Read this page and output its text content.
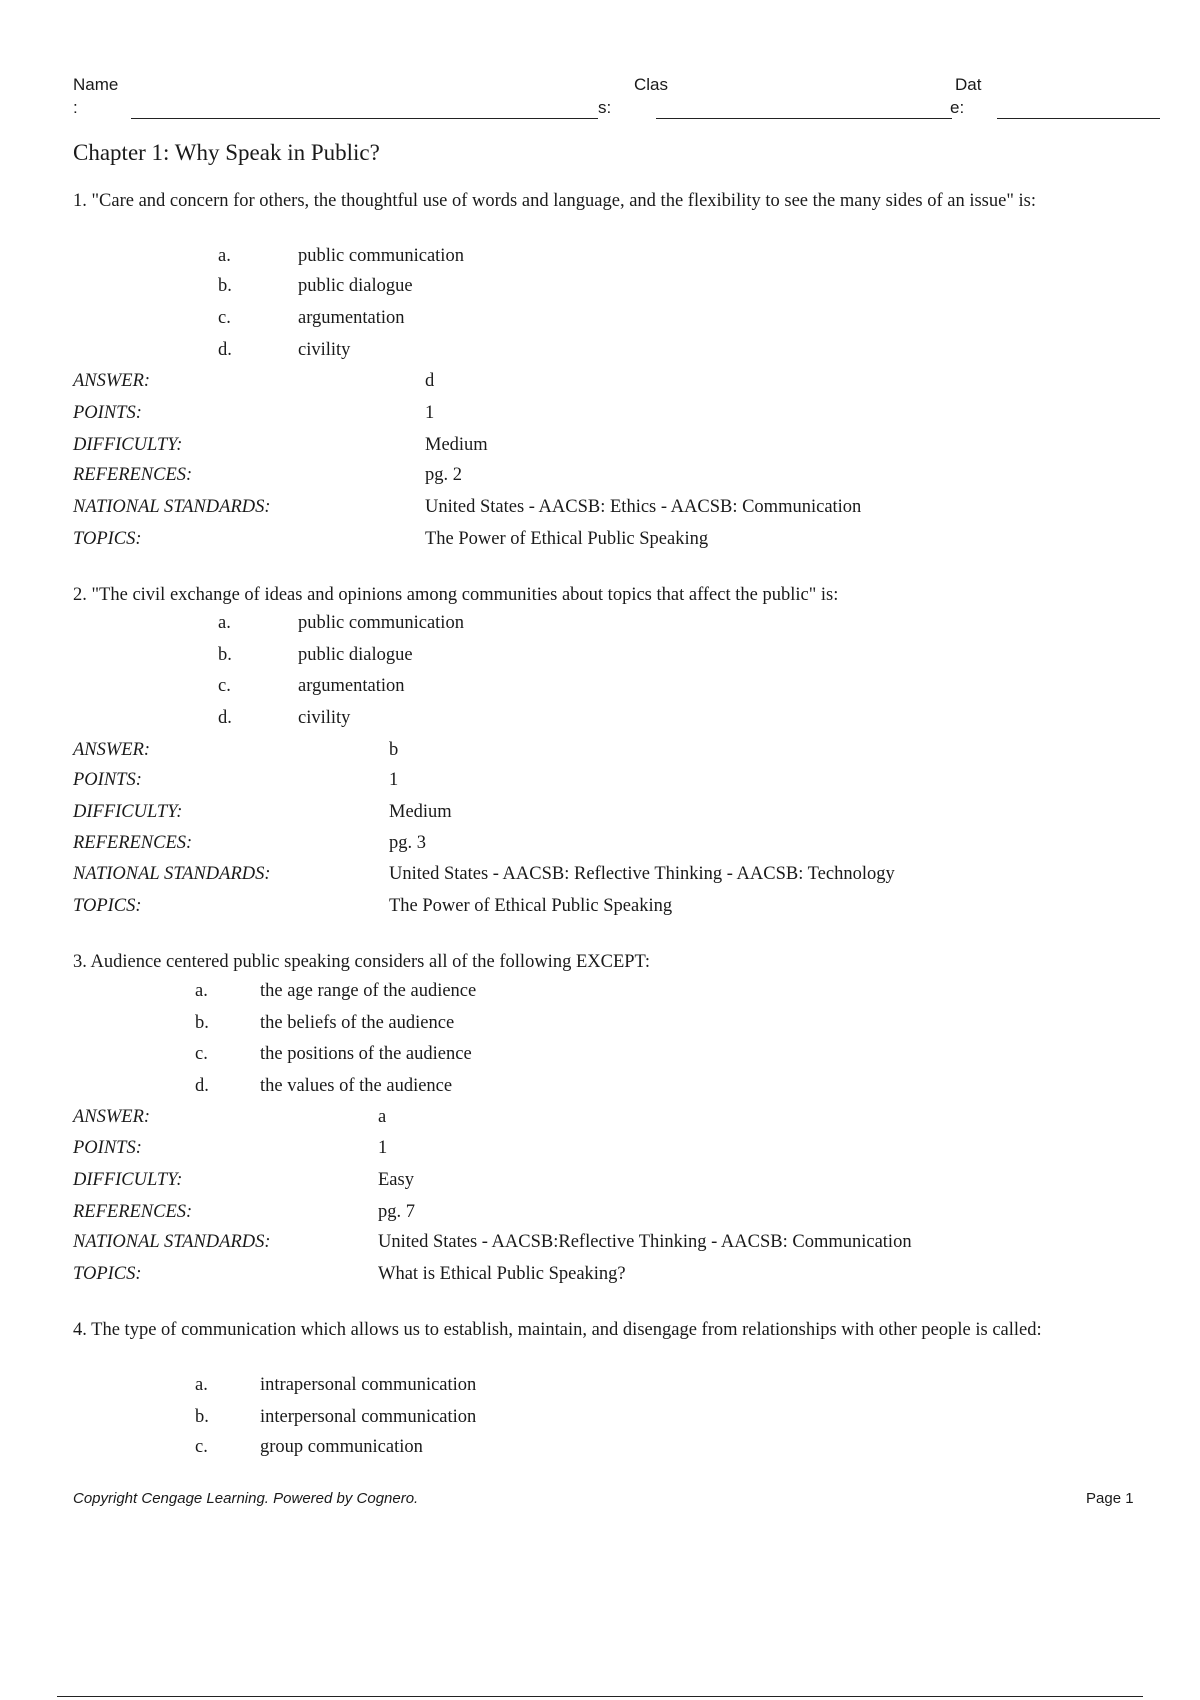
Name
:
Clas
s:
Dat
e:
Chapter 1: Why Speak in Public?
1. "Care and concern for others, the thoughtful use of words and language, and the flexibility to see the many sides of an issue" is:
a.	public communication
b.	public dialogue
c.	argumentation
d.	civility
ANSWER:	d
POINTS:	1
DIFFICULTY:	Medium
REFERENCES:	pg. 2
NATIONAL STANDARDS:	United States - AACSB: Ethics - AACSB: Communication
TOPICS:	The Power of Ethical Public Speaking
2. "The civil exchange of ideas and opinions among communities about topics that affect the public" is:
a.	public communication
b.	public dialogue
c.	argumentation
d.	civility
ANSWER:	b
POINTS:	1
DIFFICULTY:	Medium
REFERENCES:	pg. 3
NATIONAL STANDARDS:	United States - AACSB: Reflective Thinking - AACSB: Technology
TOPICS:	The Power of Ethical Public Speaking
3. Audience centered public speaking considers all of the following EXCEPT:
a.	the age range of the audience
b.	the beliefs of the audience
c.	the positions of the audience
d.	the values of the audience
ANSWER:	a
POINTS:	1
DIFFICULTY:	Easy
REFERENCES:	pg. 7
NATIONAL STANDARDS:	United States - AACSB:Reflective Thinking - AACSB: Communication
TOPICS:	What is Ethical Public Speaking?
4. The type of communication which allows us to establish, maintain, and disengage from relationships with other people is called:
a.	intrapersonal communication
b.	interpersonal communication
c.	group communication
Copyright Cengage Learning. Powered by Cognero.	Page 1
